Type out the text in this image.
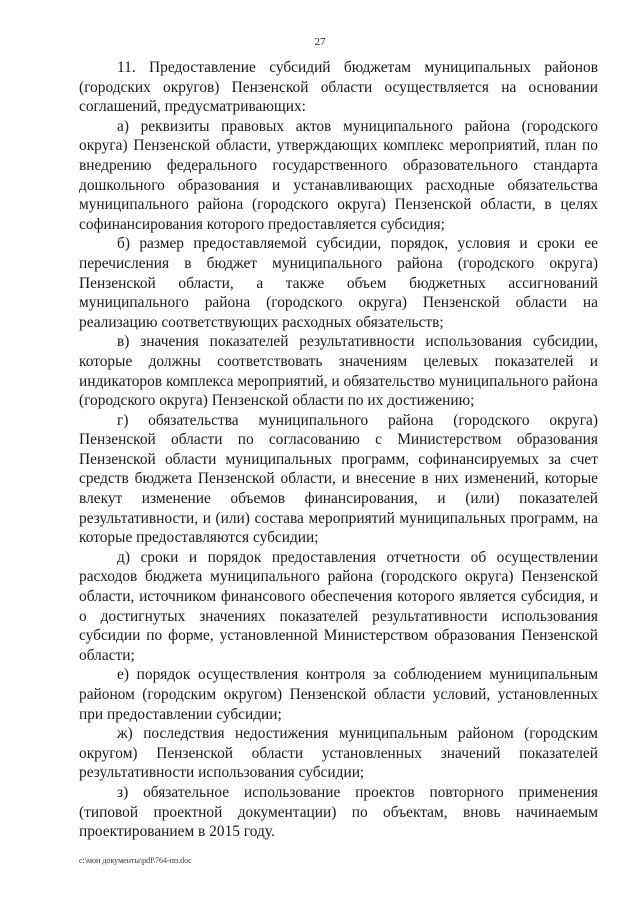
27

11. Предоставление субсидий бюджетам муниципальных районов (городских округов) Пензенской области осуществляется на основании соглашений, предусматривающих:

а) реквизиты правовых актов муниципального района (городского округа) Пензенской области, утверждающих комплекс мероприятий, план по внедрению федерального государственного образовательного стандарта дошкольного образования и устанавливающих расходные обязательства муниципального района (городского округа) Пензенской области, в целях софинансирования которого предоставляется субсидия;

б) размер предоставляемой субсидии, порядок, условия и сроки ее перечисления в бюджет муниципального района (городского округа) Пензенской области, а также объем бюджетных ассигнований муниципального района (городского округа) Пензенской области на реализацию соответствующих расходных обязательств;

в) значения показателей результативности использования субсидии, которые должны соответствовать значениям целевых показателей и индикаторов комплекса мероприятий, и обязательство муниципального района (городского округа) Пензенской области по их достижению;

г) обязательства муниципального района (городского округа) Пензенской области по согласованию с Министерством образования Пензенской области муниципальных программ, софинансируемых за счет средств бюджета Пензенской области, и внесение в них изменений, которые влекут изменение объемов финансирования, и (или) показателей результативности, и (или) состава мероприятий муниципальных программ, на которые предоставляются субсидии;

д) сроки и порядок предоставления отчетности об осуществлении расходов бюджета муниципального района (городского округа) Пензенской области, источником финансового обеспечения которого является субсидия, и о достигнутых значениях показателей результативности использования субсидии по форме, установленной Министерством образования Пензенской области;

е) порядок осуществления контроля за соблюдением муниципальным районом (городским округом) Пензенской области условий, установленных при предоставлении субсидии;

ж) последствия недостижения муниципальным районом (городским округом) Пензенской области установленных значений показателей результативности использования субсидии;

з) обязательное использование проектов повторного применения (типовой проектной документации) по объектам, вновь начинаемым проектированием в 2015 году.

c:\мои документы\pdf\764-пп.doc
